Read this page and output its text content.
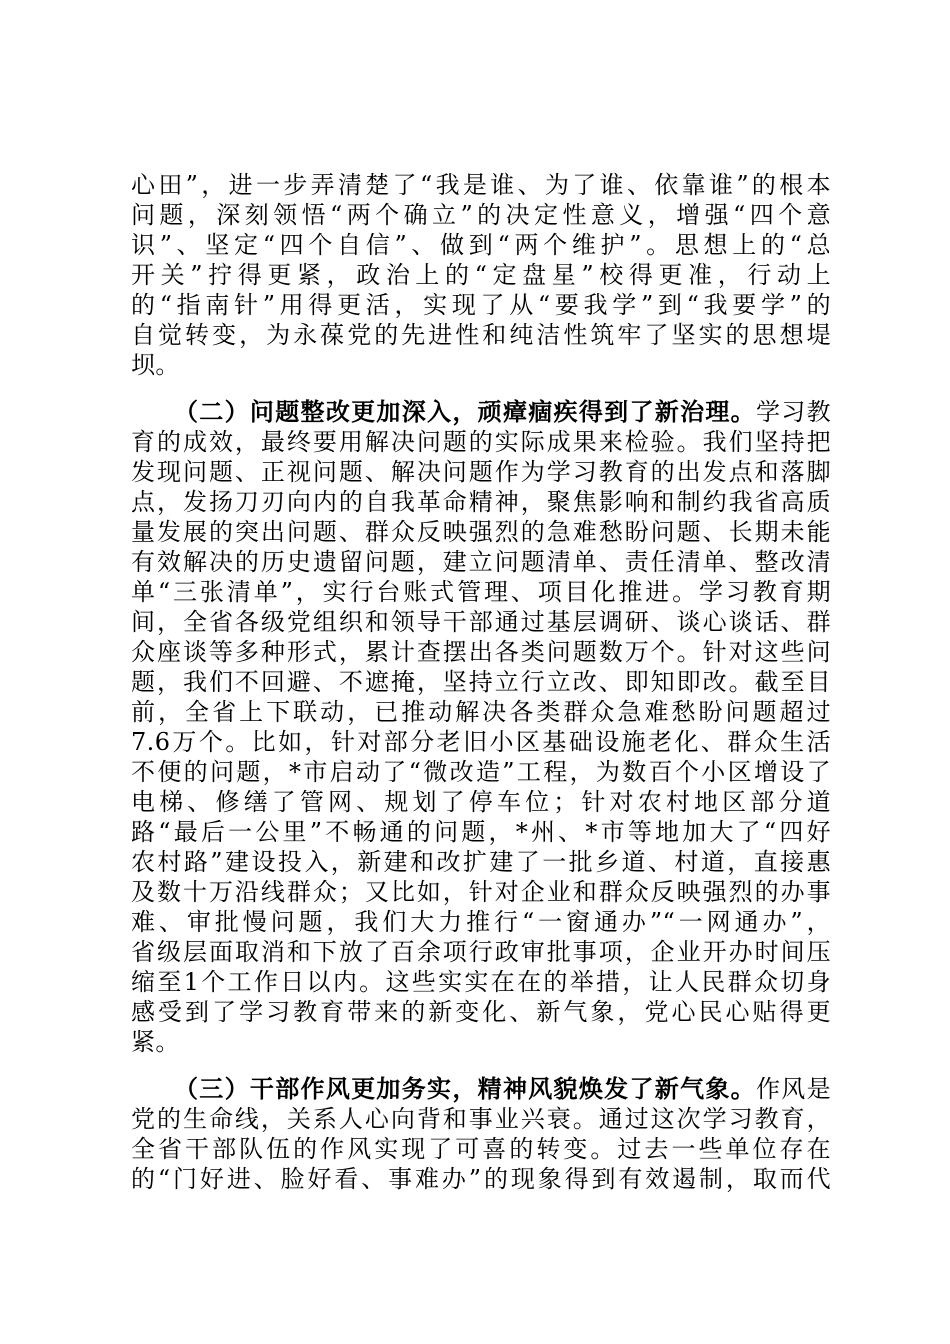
心田”，进一步弄清楚了“我是谁、为了谁、依靠谁”的根本
问题，深刻领悟“两个确立”的决定性意义，增强“四个意
识”、坚定“四个自信”、做到“两个维护”。思想上的“总
开关”拧得更紧，政治上的“定盘星”校得更准，行动上
的“指南针”用得更活，实现了从“要我学”到“我要学”的
自觉转变，为永葆党的先进性和纯洁性筑牢了坚实的思想堤
坝。
（二）问题整改更加深入，顽瘴痼疾得到了新治理。学习教
育的成效，最终要用解决问题的实际成果来检验。我们坚持把
发现问题、正视问题、解决问题作为学习教育的出发点和落脚
点，发扬刀刃向内的自我革命精神，聚焦影响和制约我省高质
量发展的突出问题、群众反映强烈的急难愁盼问题、长期未能
有效解决的历史遗留问题，建立问题清单、责任清单、整改清
单“三张清单”，实行台账式管理、项目化推进。学习教育期
间，全省各级党组织和领导干部通过基层调研、谈心谈话、群
众座谈等多种形式，累计查摆出各类问题数万个。针对这些问
题，我们不回避、不遮掩，坚持立行立改、即知即改。截至目
前，全省上下联动，已推动解决各类群众急难愁盼问题超过
7.6万个。比如，针对部分老旧小区基础设施老化、群众生活
不便的问题，*市启动了“微改造”工程，为数百个小区增设了
电梯、修缮了管网、规划了停车位；针对农村地区部分道
路“最后一公里”不畅通的问题，*州、*市等地加大了“四好
农村路”建设投入，新建和改扩建了一批乡道、村道，直接惠
及数十万沿线群众；又比如，针对企业和群众反映强烈的办事
难、审批慢问题，我们大力推行“一窗通办”“一网通办”，
省级层面取消和下放了百余项行政审批事项，企业开办时间压
缩至1个工作日以内。这些实实在在的举措，让人民群众切身
感受到了学习教育带来的新变化、新气象，党心民心贴得更
紧。
（三）干部作风更加务实，精神风貌焕发了新气象。作风是
党的生命线，关系人心向背和事业兴衰。通过这次学习教育，
全省干部队伍的作风实现了可喜的转变。过去一些单位存在
的“门好进、脸好看、事难办”的现象得到有效遏制，取而代
